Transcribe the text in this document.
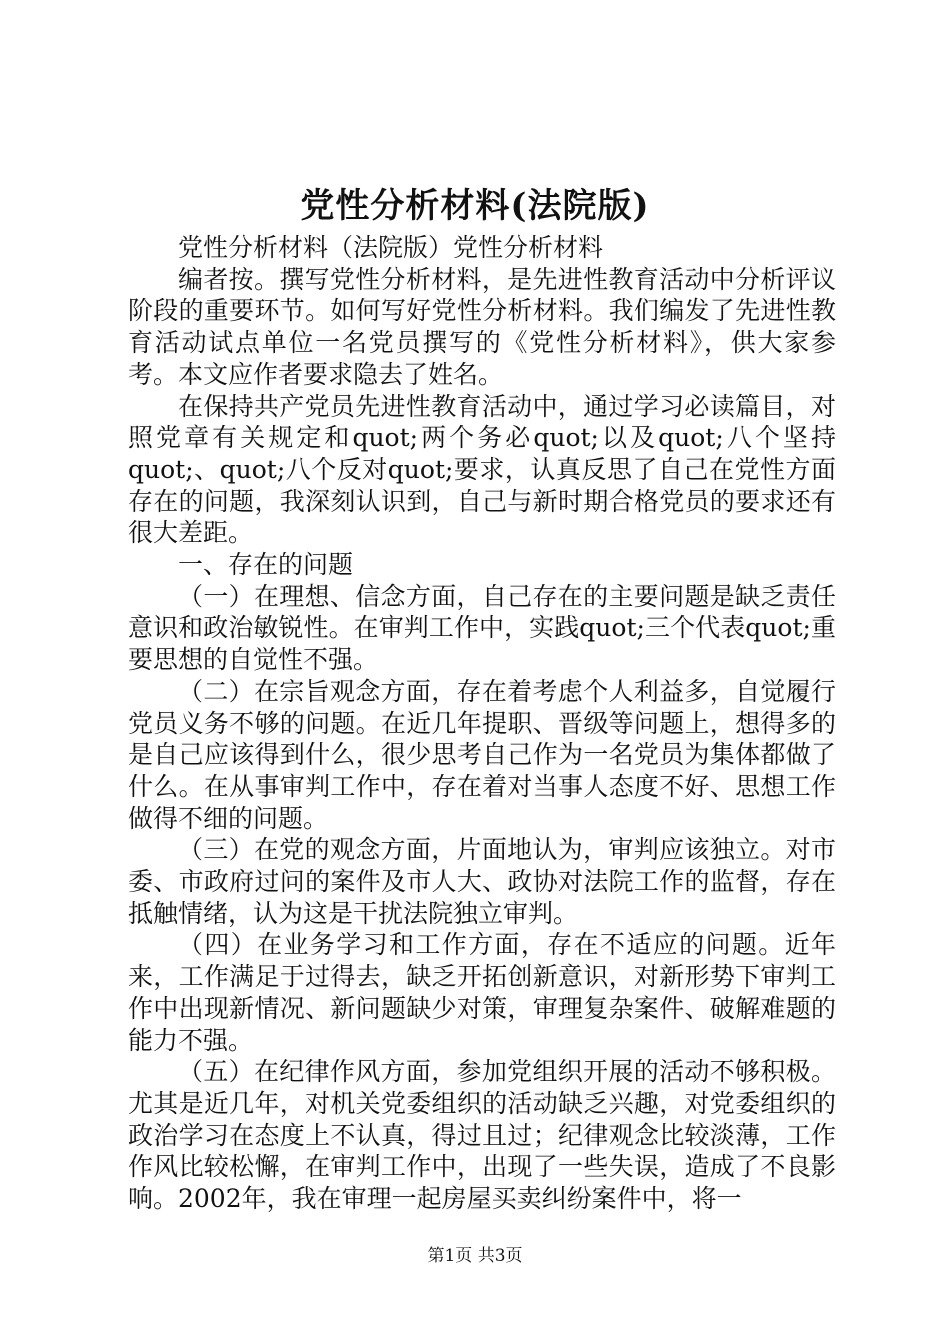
党性分析材料(法院版)

党性分析材料（法院版）党性分析材料

编者按。撰写党性分析材料，是先进性教育活动中分析评议阶段的重要环节。如何写好党性分析材料。我们编发了先进性教育活动试点单位一名党员撰写的《党性分析材料》，供大家参考。本文应作者要求隐去了姓名。

在保持共产党员先进性教育活动中，通过学习必读篇目，对照党章有关规定和quot;两个务必quot;以及quot;八个坚持quot;、quot;八个反对quot;要求，认真反思了自己在党性方面存在的问题，我深刻认识到，自己与新时期合格党员的要求还有很大差距。

一、存在的问题

（一）在理想、信念方面，自己存在的主要问题是缺乏责任意识和政治敏锐性。在审判工作中，实践quot;三个代表quot;重要思想的自觉性不强。

（二）在宗旨观念方面，存在着考虑个人利益多，自觉履行党员义务不够的问题。在近几年提职、晋级等问题上，想得多的是自己应该得到什么，很少思考自己作为一名党员为集体都做了什么。在从事审判工作中，存在着对当事人态度不好、思想工作做得不细的问题。

（三）在党的观念方面，片面地认为，审判应该独立。对市委、市政府过问的案件及市人大、政协对法院工作的监督，存在抵触情绪，认为这是干扰法院独立审判。

（四）在业务学习和工作方面，存在不适应的问题。近年来，工作满足于过得去，缺乏开拓创新意识，对新形势下审判工作中出现新情况、新问题缺少对策，审理复杂案件、破解难题的能力不强。

（五）在纪律作风方面，参加党组织开展的活动不够积极。尤其是近几年，对机关党委组织的活动缺乏兴趣，对党委组织的政治学习在态度上不认真，得过且过；纪律观念比较淡薄，工作作风比较松懈，在审判工作中，出现了一些失误，造成了不良影响。2002年，我在审理一起房屋买卖纠纷案件中，将一

第1页 共3页
